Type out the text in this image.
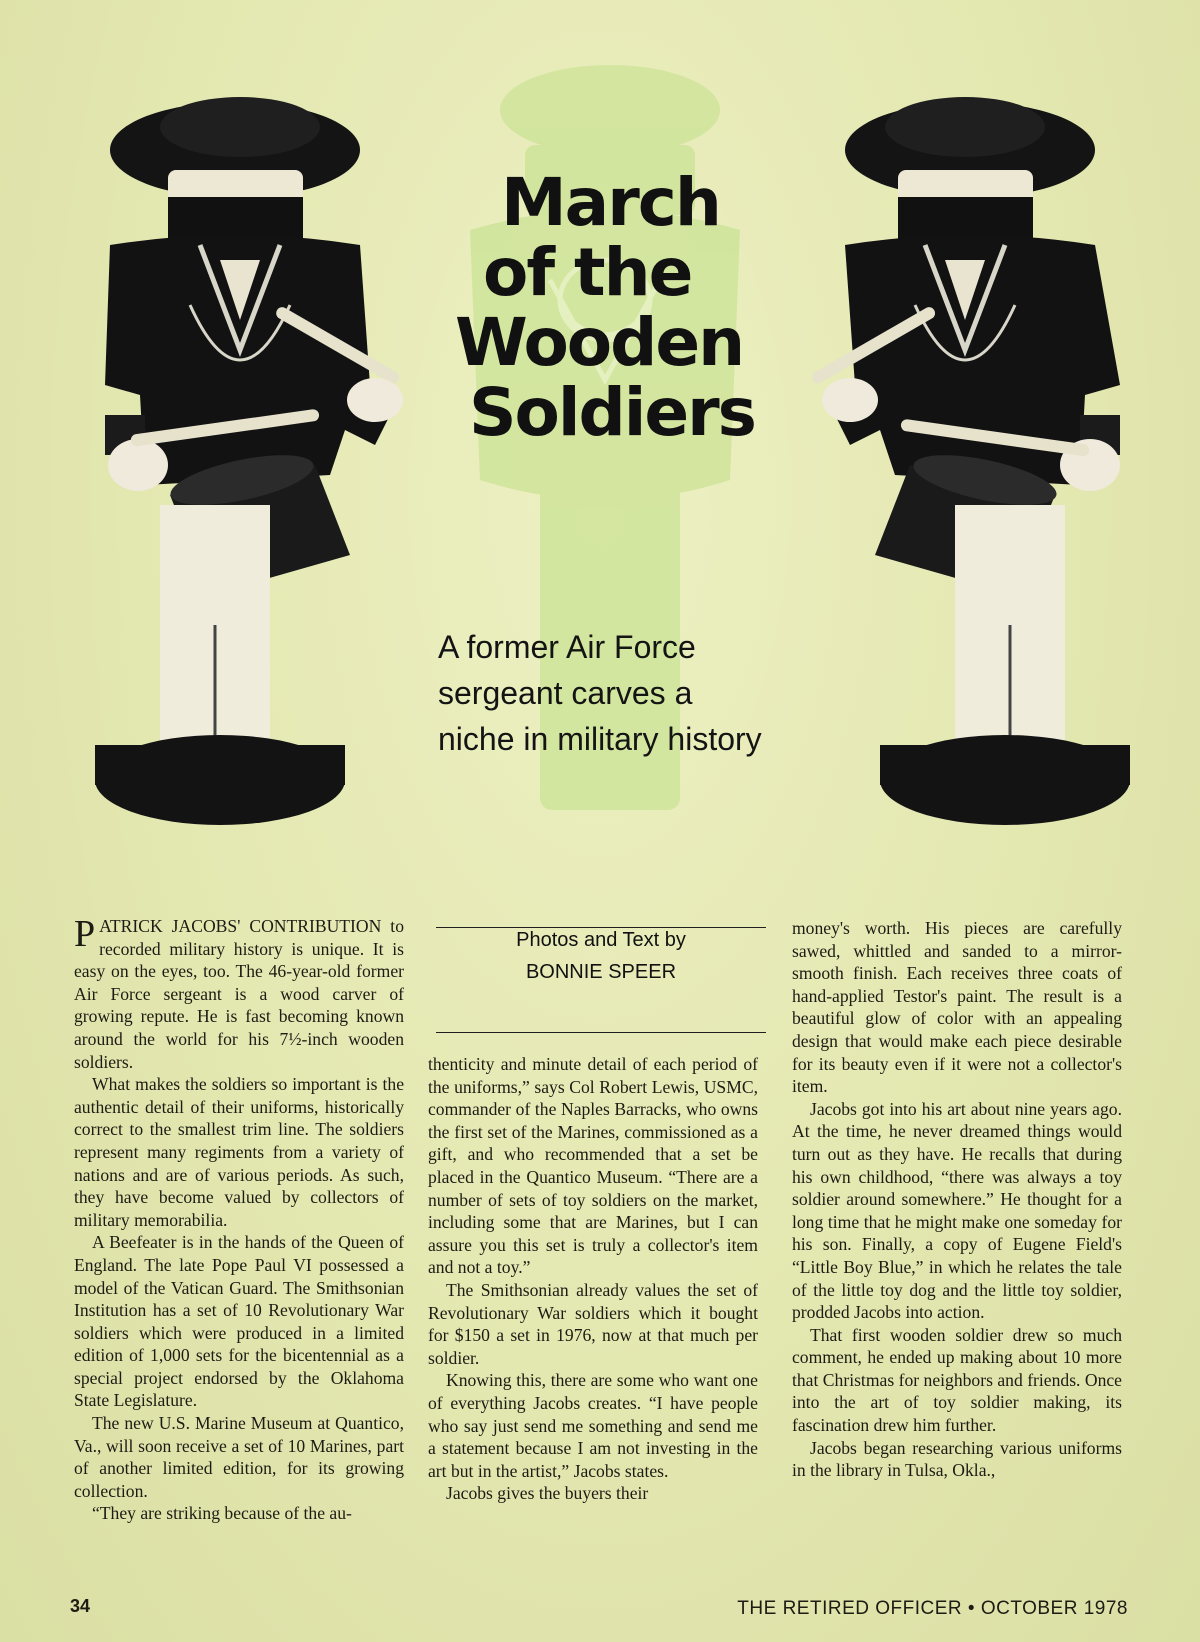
March
of the
Wooden
Soldiers
A former Air Force sergeant carves a niche in military history
Photos and Text by
BONNIE SPEER

PATRICK JACOBS' CONTRIBUTION to recorded military history is unique. It is easy on the eyes, too. The 46-year-old former Air Force sergeant is a wood carver of growing repute. He is fast becoming known around the world for his 7½-inch wooden soldiers.

What makes the soldiers so important is the authentic detail of their uniforms, historically correct to the smallest trim line. The soldiers represent many regiments from a variety of nations and are of various periods. As such, they have become valued by collectors of military memorabilia.

A Beefeater is in the hands of the Queen of England. The late Pope Paul VI possessed a model of the Vatican Guard. The Smithsonian Institution has a set of 10 Revolutionary War soldiers which were produced in a limited edition of 1,000 sets for the bicentennial as a special project endorsed by the Oklahoma State Legislature.

The new U.S. Marine Museum at Quantico, Va., will soon receive a set of 10 Marines, part of another limited edition, for its growing collection.

“They are striking because of the au-

thenticity and minute detail of each period of the uniforms,” says Col Robert Lewis, USMC, commander of the Naples Barracks, who owns the first set of the Marines, commissioned as a gift, and who recommended that a set be placed in the Quantico Museum. “There are a number of sets of toy soldiers on the market, including some that are Marines, but I can assure you this set is truly a collector's item and not a toy.”

The Smithsonian already values the set of Revolutionary War soldiers which it bought for $150 a set in 1976, now at that much per soldier.

Knowing this, there are some who want one of everything Jacobs creates. “I have people who say just send me something and send me a statement because I am not investing in the art but in the artist,” Jacobs states.

Jacobs gives the buyers their

money's worth. His pieces are carefully sawed, whittled and sanded to a mirror-smooth finish. Each receives three coats of hand-applied Testor's paint. The result is a beautiful glow of color with an appealing design that would make each piece desirable for its beauty even if it were not a collector's item.

Jacobs got into his art about nine years ago. At the time, he never dreamed things would turn out as they have. He recalls that during his own childhood, “there was always a toy soldier around somewhere.” He thought for a long time that he might make one someday for his son. Finally, a copy of Eugene Field's “Little Boy Blue,” in which he relates the tale of the little toy dog and the little toy soldier, prodded Jacobs into action.

That first wooden soldier drew so much comment, he ended up making about 10 more that Christmas for neighbors and friends. Once into the art of toy soldier making, its fascination drew him further.

Jacobs began researching various uniforms in the library in Tulsa, Okla.,

34	THE RETIRED OFFICER • OCTOBER 1978
